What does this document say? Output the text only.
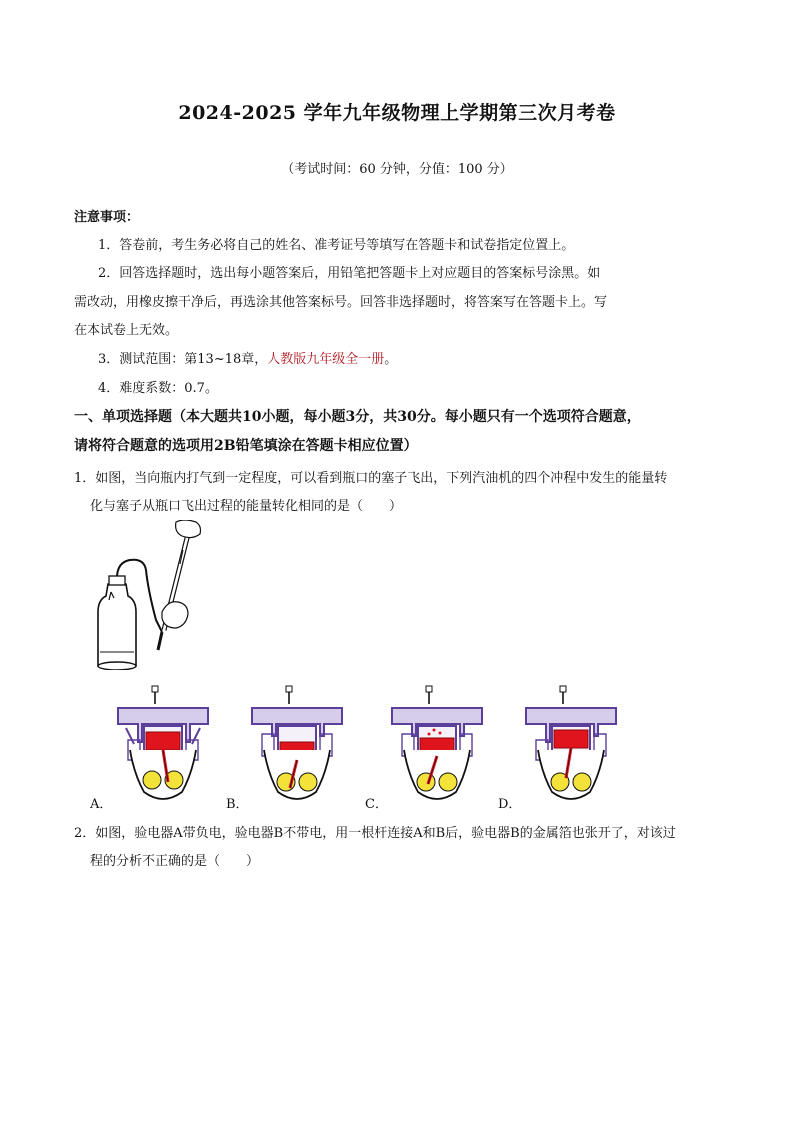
2024-2025 学年九年级物理上学期第三次月考卷
（考试时间：60 分钟，分值：100 分）
注意事项：
1．答卷前，考生务必将自己的姓名、准考证号等填写在答题卡和试卷指定位置上。
2．回答选择题时，选出每小题答案后，用铅笔把答题卡上对应题目的答案标号涂黑。如
需改动，用橡皮擦干净后，再选涂其他答案标号。回答非选择题时，将答案写在答题卡上。写
在本试卷上无效。
3．测试范围：第13~18章，人教版九年级全一册。
4．难度系数：0.7。
一、单项选择题（本大题共10小题，每小题3分，共30分。每小题只有一个选项符合题意，
请将符合题意的选项用2B铅笔填涂在答题卡相应位置）
1．如图，当向瓶内打气到一定程度，可以看到瓶口的塞子飞出，下列汽油机的四个冲程中发生的能量转
化与塞子从瓶口飞出过程的能量转化相同的是（　　）
A．	B．	C．	D．
2．如图，验电器A带负电，验电器B不带电，用一根杆连接A和B后，验电器B的金属箔也张开了，对该过
程的分析不正确的是（　　）
